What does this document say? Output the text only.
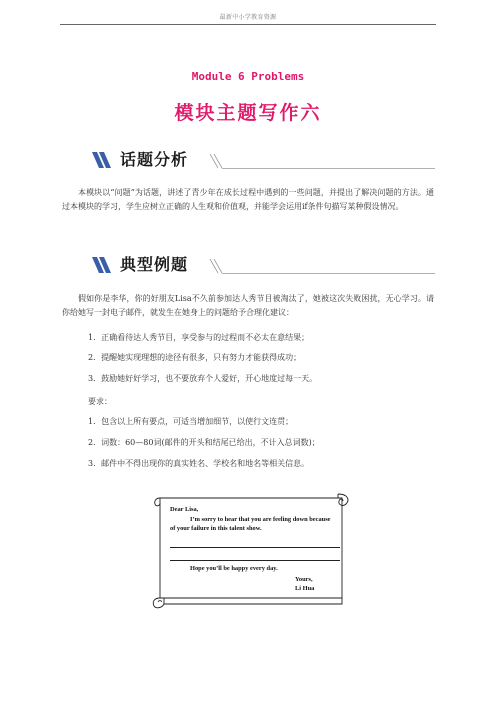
最新中小学教育资源
Module 6 Problems
模块主题写作六
话题分析
本模块以“问题”为话题，讲述了青少年在成长过程中遇到的一些问题，并提出了解决问题的方法。通过本模块的学习，学生应树立正确的人生观和价值观，并能学会运用if条件句描写某种假设情况。
典型例题
假如你是李华，你的好朋友Lisa不久前参加达人秀节目被淘汰了，她被这次失败困扰，无心学习。请你给她写一封电子邮件，就发生在她身上的问题给予合理化建议：
1．正确看待达人秀节目，享受参与的过程而不必太在意结果；
2．提醒她实现理想的途径有很多，只有努力才能获得成功；
3．鼓励她好好学习，也不要放弃个人爱好，开心地度过每一天。
要求：
1．包含以上所有要点，可适当增加细节，以使行文连贯；
2．词数：60—80词(邮件的开头和结尾已给出，不计入总词数)；
3．邮件中不得出现你的真实姓名、学校名和地名等相关信息。
Dear Lisa,
I’m sorry to hear that you are feeling down because
of your failure in this talent show.
Hope you’ll be happy every day.
Yours,
Li Hua
